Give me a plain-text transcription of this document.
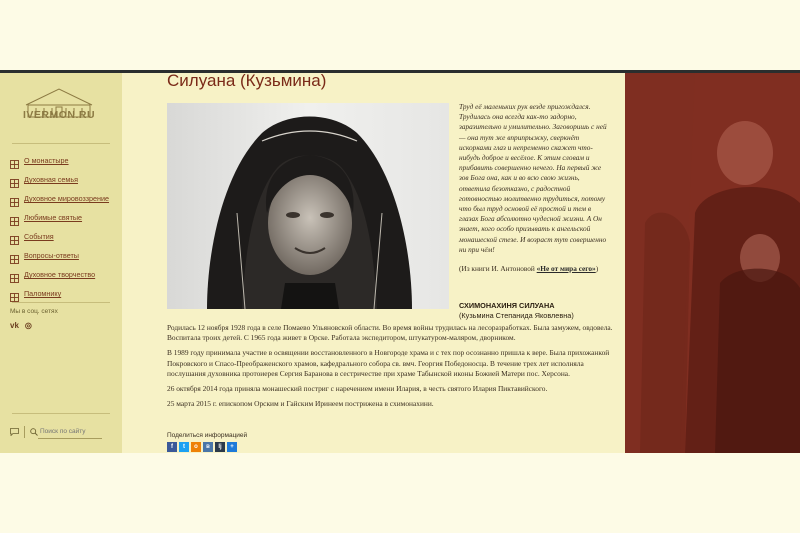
IVERMON.RU
О монастыре
Духовная семья
Духовное мировоззрение
Любимые святые
События
Вопросы-ответы
Духовное творчество
Паломнику
Мы в соц. сетях
vk ◎
Поиск по сайту
Силуана (Кузьмина)
Труд её маленьких рук везде пригождался. Трудилась она всегда как-то задорно, заразительно и умилительно. Заговоришь с ней — она тут же вприпрыжку, сверкнёт искорками глаз и непременно скажет что-нибудь доброе и весёлое. К этим словам и прибавить совершенно нечего. На первый же зов Бога она, как и во всю свою жизнь, ответила безотказно, с радостной готовностью молитвенно трудиться, потому что был труд основой её простой и тем в глазах Бога абсолютно чудесной жизни. А Он знает, кого особо призывать к ангельской монашеской стезе. И возраст тут совершенно ни при чём!
(Из книги И. Антоновой «Не от мира сего»)
СХИМОНАХИНЯ СИЛУАНА
(Кузьмина Степанида Яковлевна)

Родилась 12 ноября 1928 года в селе Помаево Ульяновской области. Во время войны трудилась на лесоразработках. Была замужем, овдовела. Воспитала троих детей. С 1965 года живет в Орске. Работала экспедитором, штукатуром-маляром, дворником.

В 1989 году принимала участие в освящении восстановленного в Новгороде храма и с тех пор осознанно пришла к вере. Была прихожанкой Покровского и Спасо-Преображенского храмов, кафедрального собора св. вмч. Георгия Победоносца. В течение трех лет исполняла послушания духовника протоиерея Сергия Баранова в сестричестве при храме Табынской иконы Божией Матери пос. Херсона.

26 октября 2014 года приняла монашеский постриг с наречением имени Илария, в честь святого Илария Пиктавийского.

25 марта 2015 г. епископом Орским и Гайским Иринеем пострижена в схимонахини.

Поделиться информацией
f	t	o	в	lj	+
